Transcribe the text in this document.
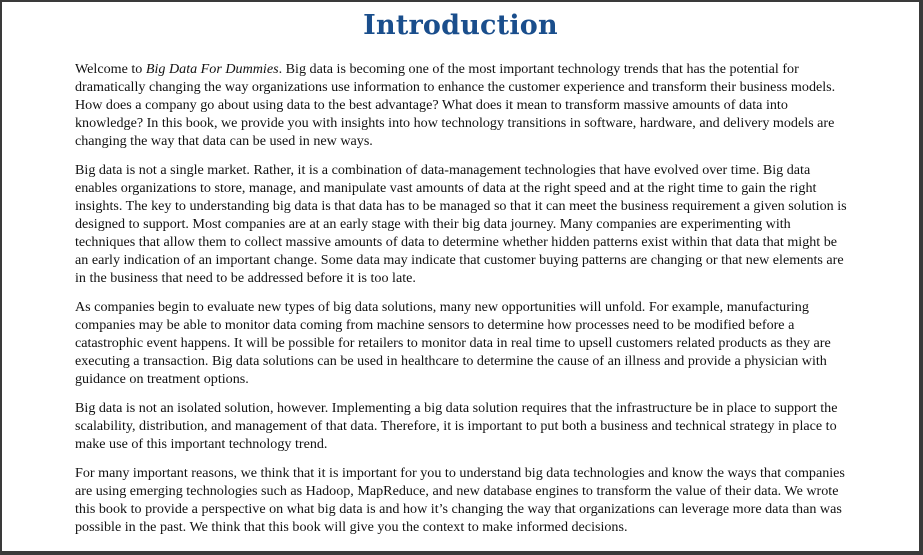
Introduction

Welcome to Big Data For Dummies. Big data is becoming one of the most important technology trends that has the potential for dramatically changing the way organizations use information to enhance the customer experience and transform their business models. How does a company go about using data to the best advantage? What does it mean to transform massive amounts of data into knowledge? In this book, we provide you with insights into how technology transitions in software, hardware, and delivery models are changing the way that data can be used in new ways.

Big data is not a single market. Rather, it is a combination of data-management technologies that have evolved over time. Big data enables organizations to store, manage, and manipulate vast amounts of data at the right speed and at the right time to gain the right insights. The key to understanding big data is that data has to be managed so that it can meet the business requirement a given solution is designed to support. Most companies are at an early stage with their big data journey. Many companies are experimenting with techniques that allow them to collect massive amounts of data to determine whether hidden patterns exist within that data that might be an early indication of an important change. Some data may indicate that customer buying patterns are changing or that new elements are in the business that need to be addressed before it is too late.

As companies begin to evaluate new types of big data solutions, many new opportunities will unfold. For example, manufacturing companies may be able to monitor data coming from machine sensors to determine how processes need to be modified before a catastrophic event happens. It will be possible for retailers to monitor data in real time to upsell customers related products as they are executing a transaction. Big data solutions can be used in healthcare to determine the cause of an illness and provide a physician with guidance on treatment options.

Big data is not an isolated solution, however. Implementing a big data solution requires that the infrastructure be in place to support the scalability, distribution, and management of that data. Therefore, it is important to put both a business and technical strategy in place to make use of this important technology trend.

For many important reasons, we think that it is important for you to understand big data technologies and know the ways that companies are using emerging technologies such as Hadoop, MapReduce, and new database engines to transform the value of their data. We wrote this book to provide a perspective on what big data is and how it’s changing the way that organizations can leverage more data than was possible in the past. We think that this book will give you the context to make informed decisions.
